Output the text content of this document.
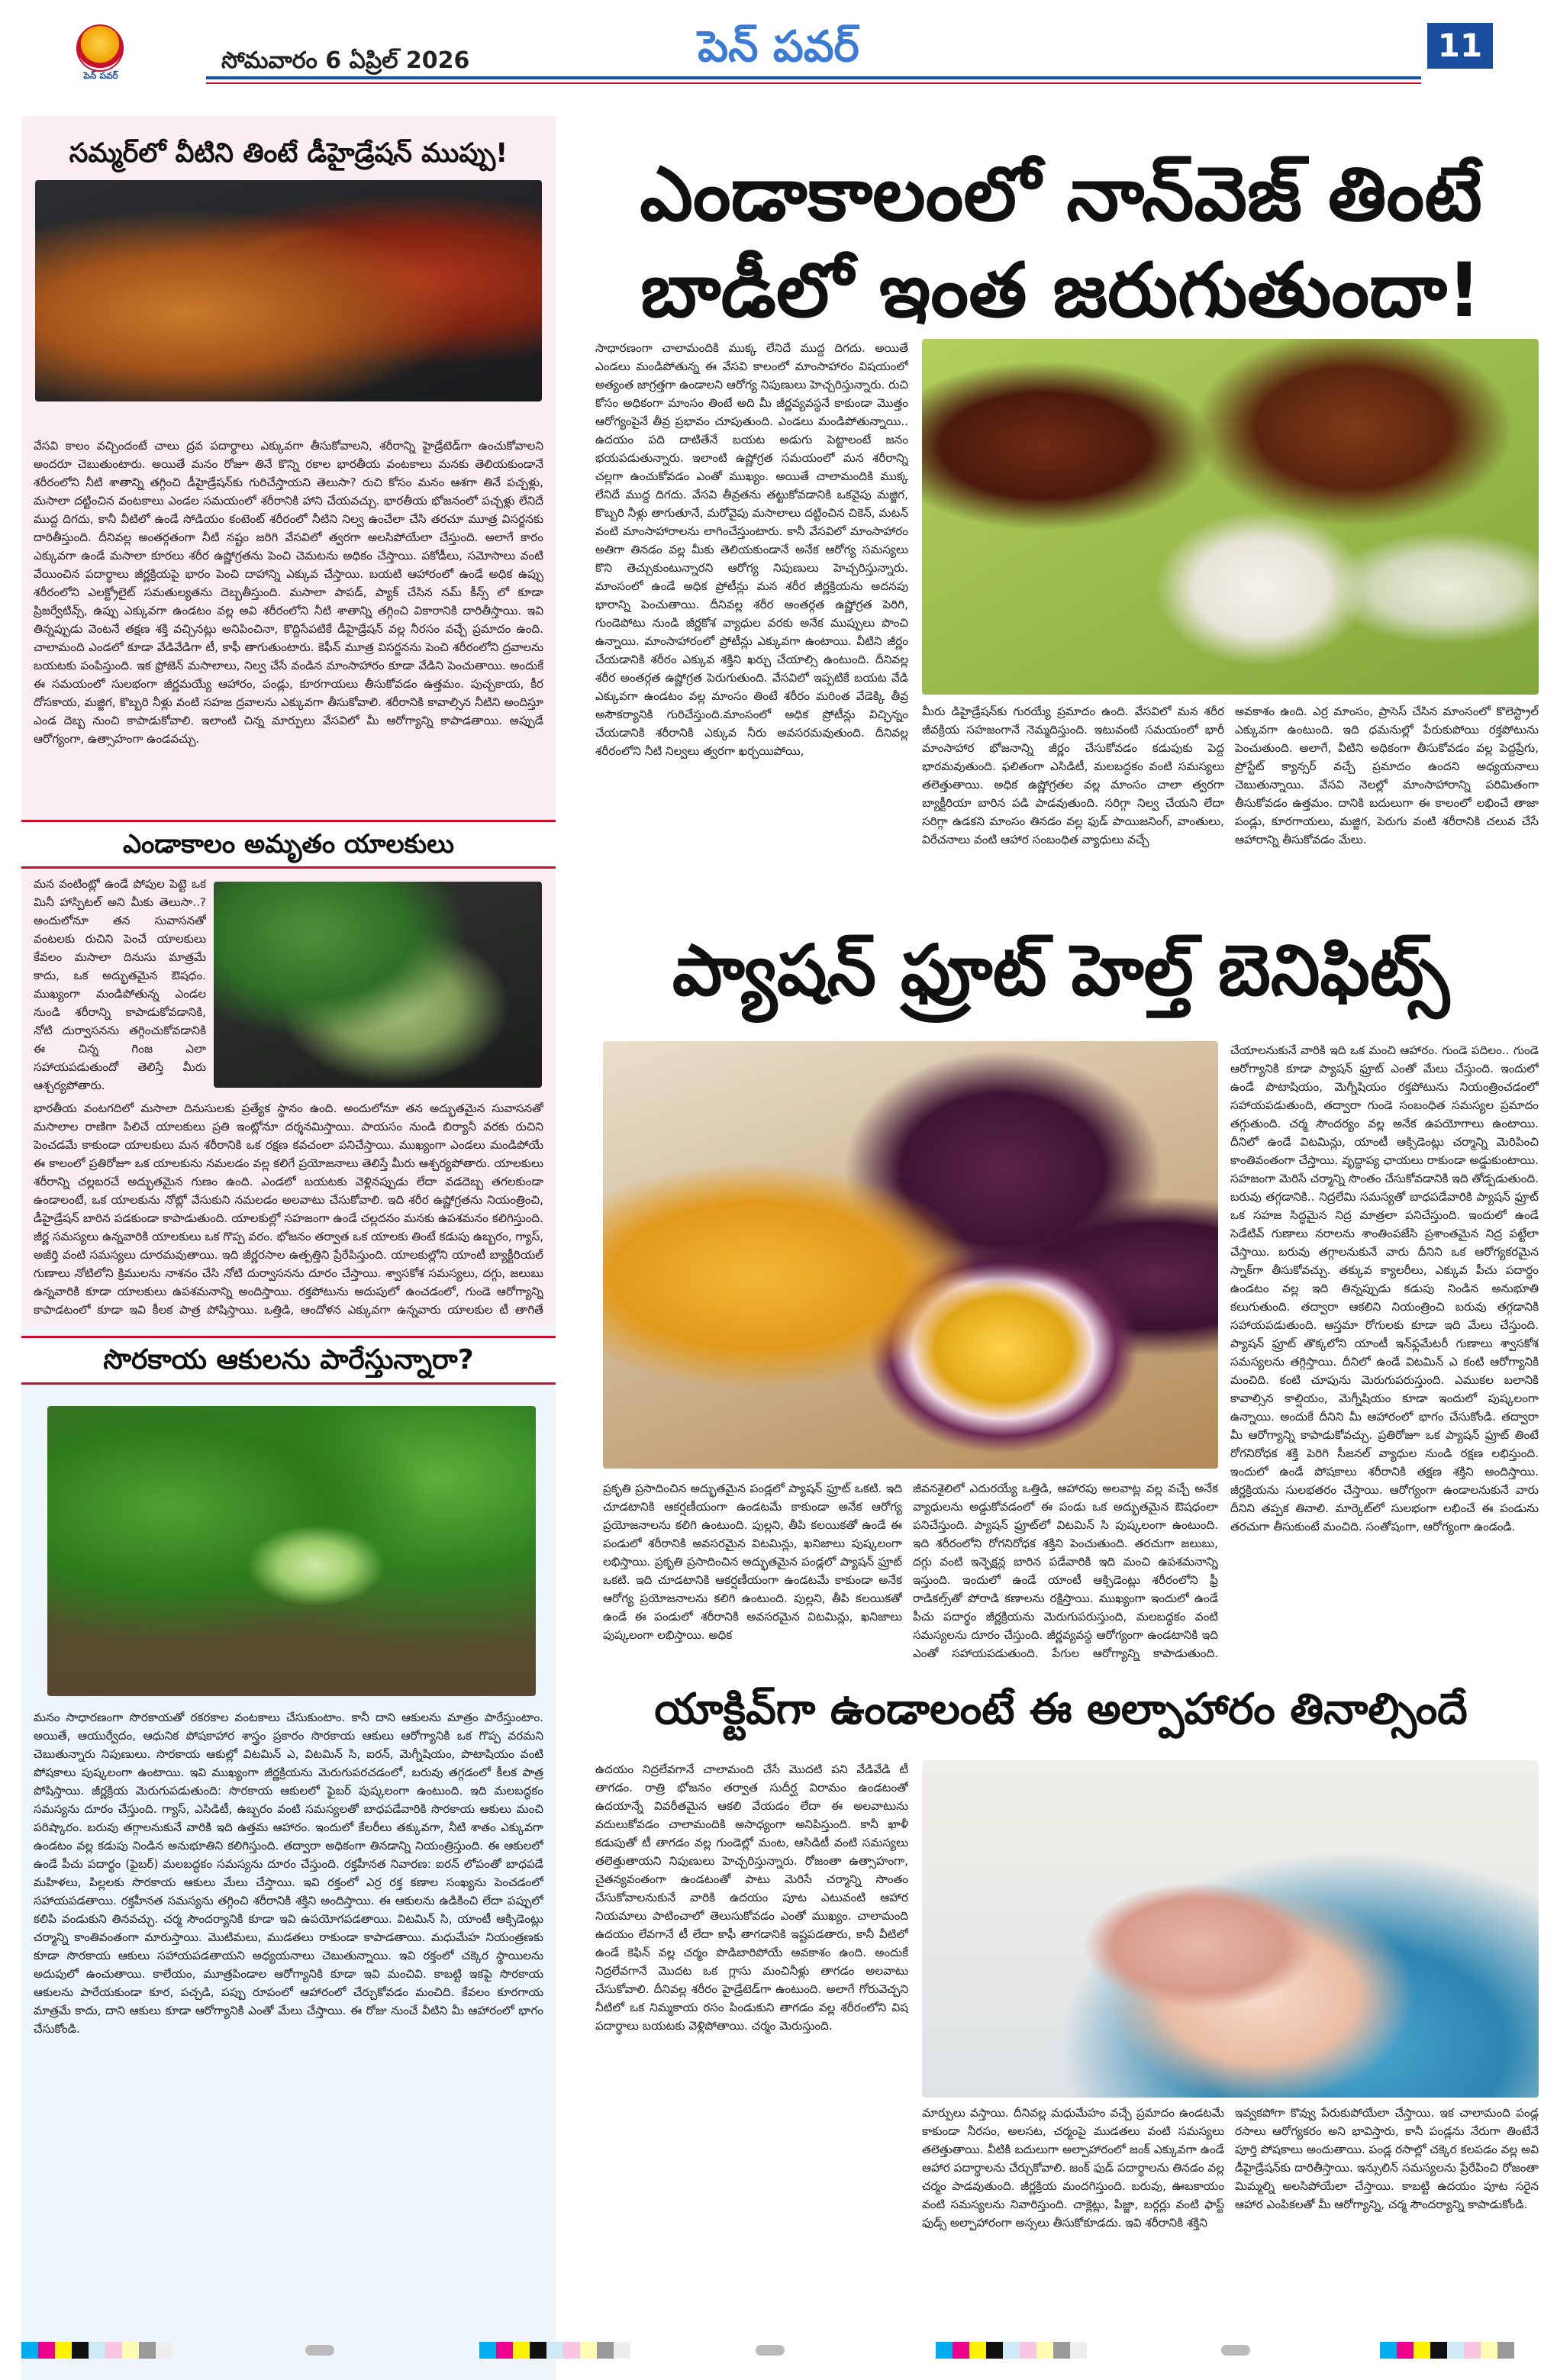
పెన్ పవర్
సోమవారం 6 ఏప్రిల్ 2026	పెన్ పవర్	11
సమ్మర్‌లో వీటిని తింటే డీహైడ్రేషన్ ముప్పు!
వేసవి కాలం వచ్చిందంటే చాలు ద్రవ పదార్థాలు ఎక్కువగా తీసుకోవాలని, శరీరాన్ని హైడ్రేటెడ్‌గా ఉంచుకోవాలని అందరూ చెబుతుంటారు. అయితే మనం రోజూ తినే కొన్ని రకాల భారతీయ వంటకాలు మనకు తెలియకుండానే శరీరంలోని నీటి శాతాన్ని తగ్గించి డీహైడ్రేషన్‌కు గురిచేస్తాయని తెలుసా? రుచి కోసం మనం ఆశగా తినే పచ్చళ్లు, మసాలా దట్టించిన వంటకాలు ఎండల సమయంలో శరీరానికి హాని చేయవచ్చు. భారతీయ భోజనంలో పచ్చళ్లు లేనిదే ముద్ద దిగదు, కానీ వీటిలో ఉండే సోడియం కంటెంట్ శరీరంలో నీటిని నిల్వ ఉంచేలా చేసి తరచూ మూత్ర విసర్జనకు దారితీస్తుంది. దీనివల్ల అంతర్గతంగా నీటి నష్టం జరిగి వేసవిలో త్వరగా అలసిపోయేలా చేస్తుంది. అలాగే కారం ఎక్కువగా ఉండే మసాలా కూరలు శరీర ఉష్ణోగ్రతను పెంచి చెమటను అధికం చేస్తాయి. పకోడీలు, సమోసాలు వంటి వేయించిన పదార్థాలు జీర్ణక్రియపై భారం పెంచి దాహాన్ని ఎక్కువ చేస్తాయి. బయటి ఆహారంలో ఉండే అధిక ఉప్పు శరీరంలోని ఎలక్ట్రోలైట్ సమతుల్యతను దెబ్బతీస్తుంది. మసాలా పాపడ్, ప్యాక్ చేసిన నమ్ కీన్స్ లో కూడా ప్రిజర్వేటివ్స్, ఉప్పు ఎక్కువగా ఉండటం వల్ల అవి శరీరంలోని నీటి శాతాన్ని తగ్గించి వికారానికి దారితీస్తాయి. ఇవి తిన్నప్పుడు వెంటనే తక్షణ శక్తి వచ్చినట్లు అనిపించినా, కొద్దిసేపటికే డీహైడ్రేషన్ వల్ల నీరసం వచ్చే ప్రమాదం ఉంది. చాలామంది ఎండలో కూడా వేడివేడిగా టీ, కాఫీ తాగుతుంటారు. కెఫీన్ మూత్ర విసర్జనను పెంచి శరీరంలోని ద్రవాలను బయటకు పంపిస్తుంది. ఇక ఫ్రోజెన్ మసాలాలు, నిల్వ చేసే వండిన మాంసాహారం కూడా వేడిని పెంచుతాయి. అందుకే ఈ సమయంలో సులభంగా జీర్ణమయ్యే ఆహారం, పండ్లు, కూరగాయలు తీసుకోవడం ఉత్తమం. పుచ్చకాయ, కీర దోసకాయ, మజ్జిగ, కొబ్బరి నీళ్లు వంటి సహజ ద్రవాలను ఎక్కువగా తీసుకోవాలి. శరీరానికి కావాల్సిన నీటిని అందిస్తూ ఎండ దెబ్బ నుంచి కాపాడుకోవాలి. ఇలాంటి చిన్న మార్పులు వేసవిలో మీ ఆరోగ్యాన్ని కాపాడతాయి. అప్పుడే ఆరోగ్యంగా, ఉత్సాహంగా ఉండవచ్చు.
ఎండాకాలం అమృతం యాలకులు
మన వంటింట్లో ఉండే పోపుల పెట్టె ఒక మినీ హాస్పిటల్ అని మీకు తెలుసా..? అందులోనూ తన సువాసనతో వంటలకు రుచిని పెంచే యాలకులు కేవలం మసాలా దినుసు మాత్రమే కాదు, ఒక అద్భుతమైన ఔషధం. ముఖ్యంగా మండిపోతున్న ఎండల నుండి శరీరాన్ని కాపాడుకోవడానికి, నోటి దుర్వాసనను తగ్గించుకోవడానికి ఈ చిన్న గింజ ఎలా సహాయపడుతుందో తెలిస్తే మీరు ఆశ్చర్యపోతారు.
భారతీయ వంటగదిలో మసాలా దినుసులకు ప్రత్యేక స్థానం ఉంది. అందులోనూ తన అద్భుతమైన సువాసనతో మసాలాల రాణిగా పిలిచే యాలకులు ప్రతి ఇంట్లోనూ దర్శనమిస్తాయి. పాయసం నుండి బిర్యానీ వరకు రుచిని పెంచడమే కాకుండా యాలకులు మన శరీరానికి ఒక రక్షణ కవచంలా పనిచేస్తాయి. ముఖ్యంగా ఎండలు మండిపోయే ఈ కాలంలో ప్రతిరోజూ ఒక యాలకును నమలడం వల్ల కలిగే ప్రయోజనాలు తెలిస్తే మీరు ఆశ్చర్యపోతారు. యాలకులు శరీరాన్ని చల్లబరచే అద్భుతమైన గుణం ఉంది. ఎండలో బయటకు వెళ్లినప్పుడు లేదా వడదెబ్బ తగలకుండా ఉండాలంటే, ఒక యాలకును నోట్లో వేసుకుని నమలడం అలవాటు చేసుకోవాలి. ఇది శరీర ఉష్ణోగ్రతను నియంత్రించి, డీహైడ్రేషన్ బారిన పడకుండా కాపాడుతుంది. యాలకుల్లో సహజంగా ఉండే చల్లదనం మనకు ఉపశమనం కలిగిస్తుంది. జీర్ణ సమస్యలు ఉన్నవారికి యాలకులు ఒక గొప్ప వరం. భోజనం తర్వాత ఒక యాలకు తింటే కడుపు ఉబ్బరం, గ్యాస్, అజీర్తి వంటి సమస్యలు దూరమవుతాయి. ఇది జీర్ణరసాల ఉత్పత్తిని ప్రేరేపిస్తుంది. యాలకుల్లోని యాంటీ బ్యాక్టీరియల్ గుణాలు నోటిలోని క్రిములను నాశనం చేసి నోటి దుర్వాసనను దూరం చేస్తాయి. శ్వాసకోశ సమస్యలు, దగ్గు, జలుబు ఉన్నవారికి కూడా యాలకులు ఉపశమనాన్ని అందిస్తాయి. రక్తపోటును అదుపులో ఉంచడంలో, గుండె ఆరోగ్యాన్ని కాపాడటంలో కూడా ఇవి కీలక పాత్ర పోషిస్తాయి. ఒత్తిడి, ఆందోళన ఎక్కువగా ఉన్నవారు యాలకుల టీ తాగితే
సొరకాయ ఆకులను పారేస్తున్నారా?
మనం సాధారణంగా సొరకాయతో రకరకాల వంటకాలు చేసుకుంటాం. కానీ దాని ఆకులను మాత్రం పారేస్తుంటాం. అయితే, ఆయుర్వేదం, ఆధునిక పోషకాహార శాస్త్రం ప్రకారం సొరకాయ ఆకులు ఆరోగ్యానికి ఒక గొప్ప వరమని చెబుతున్నారు నిపుణులు. సొరకాయ ఆకుల్లో విటమిన్ ఎ, విటమిన్ సి, ఐరన్, మెగ్నీషియం, పొటాషియం వంటి పోషకాలు పుష్కలంగా ఉంటాయి. ఇవి ముఖ్యంగా జీర్ణక్రియను మెరుగుపరచడంలో, బరువు తగ్గడంలో కీలక పాత్ర పోషిస్తాయి. జీర్ణక్రియ మెరుగుపడుతుంది: సొరకాయ ఆకులలో ఫైబర్ పుష్కలంగా ఉంటుంది. ఇది మలబద్ధకం సమస్యను దూరం చేస్తుంది. గ్యాస్, ఎసిడిటీ, ఉబ్బరం వంటి సమస్యలతో బాధపడేవారికి సొరకాయ ఆకులు మంచి పరిష్కారం. బరువు తగ్గాలనుకునే వారికి ఇది ఉత్తమ ఆహారం. ఇందులో కేలరీలు తక్కువగా, నీటి శాతం ఎక్కువగా ఉండటం వల్ల కడుపు నిండిన అనుభూతిని కలిగిస్తుంది. తద్వారా అధికంగా తినడాన్ని నియంత్రిస్తుంది. ఈ ఆకులలో ఉండే పీచు పదార్థం (ఫైబర్) మలబద్ధకం సమస్యను దూరం చేస్తుంది. రక్తహీనత నివారణ: ఐరన్ లోపంతో బాధపడే మహిళలు, పిల్లలకు సొరకాయ ఆకులు మేలు చేస్తాయి. ఇవి రక్తంలో ఎర్ర రక్త కణాల సంఖ్యను పెంచడంలో సహాయపడతాయి. రక్తహీనత సమస్యను తగ్గించి శరీరానికి శక్తిని అందిస్తాయి. ఈ ఆకులను ఉడికించి లేదా పప్పులో కలిపి వండుకుని తినవచ్చు. చర్మ సౌందర్యానికి కూడా ఇవి ఉపయోగపడతాయి. విటమిన్ సి, యాంటీ ఆక్సిడెంట్లు చర్మాన్ని కాంతివంతంగా మారుస్తాయి. మొటిమలు, ముడతలు రాకుండా కాపాడతాయి. మధుమేహ నియంత్రణకు కూడా సొరకాయ ఆకులు సహాయపడతాయని అధ్యయనాలు చెబుతున్నాయి. ఇవి రక్తంలో చక్కెర స్థాయిలను అదుపులో ఉంచుతాయి. కాలేయం, మూత్రపిండాల ఆరోగ్యానికి కూడా ఇవి మంచివి. కాబట్టి ఇకపై సొరకాయ ఆకులను పారేయకుండా కూర, పచ్చడి, పప్పు రూపంలో ఆహారంలో చేర్చుకోవడం మంచిది. కేవలం కూరగాయ మాత్రమే కాదు, దాని ఆకులు కూడా ఆరోగ్యానికి ఎంతో మేలు చేస్తాయి. ఈ రోజు నుంచే వీటిని మీ ఆహారంలో భాగం చేసుకోండి.
ఎండాకాలంలో నాన్‌వెజ్ తింటే బాడీలో ఇంత జరుగుతుందా!
సాధారణంగా చాలామందికి ముక్క లేనిదే ముద్ద దిగదు. అయితే ఎండలు మండిపోతున్న ఈ వేసవి కాలంలో మాంసాహారం విషయంలో అత్యంత జాగ్రత్తగా ఉండాలని ఆరోగ్య నిపుణులు హెచ్చరిస్తున్నారు. రుచి కోసం అధికంగా మాంసం తింటే అది మీ జీర్ణవ్యవస్థనే కాకుండా మొత్తం ఆరోగ్యంపైనే తీవ్ర ప్రభావం చూపుతుంది. ఎండలు మండిపోతున్నాయి.. ఉదయం పది దాటితేనే బయట అడుగు పెట్టాలంటే జనం భయపడుతున్నారు. ఇలాంటి ఉష్ణోగ్రత సమయంలో మన శరీరాన్ని చల్లగా ఉంచుకోవడం ఎంతో ముఖ్యం. అయితే చాలామందికి ముక్క లేనిదే ముద్ద దిగదు. వేసవి తీవ్రతను తట్టుకోవడానికి ఒకవైపు మజ్జిగ, కొబ్బరి నీళ్లు తాగుతూనే, మరోవైపు మసాలాలు దట్టించిన చికెన్, మటన్ వంటి మాంసాహారాలను లాగించేస్తుంటారు. కానీ వేసవిలో మాంసాహారం అతిగా తినడం వల్ల మీకు తెలియకుండానే అనేక ఆరోగ్య సమస్యలు కొని తెచ్చుకుంటున్నారని ఆరోగ్య నిపుణులు హెచ్చరిస్తున్నారు. మాంసంలో ఉండే అధిక ప్రోటీన్లు మన శరీర జీర్ణక్రియను అదనపు భారాన్ని పెంచుతాయి. దీనివల్ల శరీర అంతర్గత ఉష్ణోగ్రత పెరిగి, గుండెపోటు నుండి జీర్ణకోశ వ్యాధుల వరకు అనేక ముప్పులు పొంచి ఉన్నాయి. మాంసాహారంలో ప్రోటీన్లు ఎక్కువగా ఉంటాయి. వీటిని జీర్ణం చేయడానికి శరీరం ఎక్కువ శక్తిని ఖర్చు చేయాల్సి ఉంటుంది. దీనివల్ల శరీర అంతర్గత ఉష్ణోగ్రత పెరుగుతుంది. వేసవిలో ఇప్పటికే బయట వేడి ఎక్కువగా ఉండటం వల్ల మాంసం తింటే శరీరం మరింత వేడెక్కి తీవ్ర అసౌకర్యానికి గురిచేస్తుంది.మాంసంలో అధిక ప్రోటీన్లు విచ్ఛిన్నం చేయడానికి శరీరానికి ఎక్కువ నీరు అవసరమవుతుంది. దీనివల్ల శరీరంలోని నీటి నిల్వలు త్వరగా ఖర్చయిపోయి,
మీరు డిహైడ్రేషన్‌కు గురయ్యే ప్రమాదం ఉంది. వేసవిలో మన శరీర జీవక్రియ సహజంగానే నెమ్మదిస్తుంది. ఇటువంటి సమయంలో భారీ మాంసాహార భోజనాన్ని జీర్ణం చేసుకోవడం కడుపుకు పెద్ద భారమవుతుంది. ఫలితంగా ఎసిడిటీ, మలబద్ధకం వంటి సమస్యలు తలెత్తుతాయి. అధిక ఉష్ణోగ్రతల వల్ల మాంసం చాలా త్వరగా బ్యాక్టీరియా బారిన పడి పాడవుతుంది. సరిగ్గా నిల్వ చేయని లేదా సరిగ్గా ఉడకని మాంసం తినడం వల్ల ఫుడ్ పాయిజనింగ్, వాంతులు, విరేచనాలు వంటి ఆహార సంబంధిత వ్యాధులు వచ్చే
అవకాశం ఉంది. ఎర్ర మాంసం, ప్రాసెస్ చేసిన మాంసంలో కొలెస్ట్రాల్ ఎక్కువగా ఉంటుంది. ఇది ధమనుల్లో పేరుకుపోయి రక్తపోటును పెంచుతుంది. అలాగే, వీటిని అధికంగా తీసుకోవడం వల్ల పెద్దప్రేగు, ప్రోస్టేట్ క్యాన్సర్ వచ్చే ప్రమాదం ఉందని అధ్యయనాలు చెబుతున్నాయి. వేసవి నెలల్లో మాంసాహారాన్ని పరిమితంగా తీసుకోవడం ఉత్తమం. దానికి బదులుగా ఈ కాలంలో లభించే తాజా పండ్లు, కూరగాయలు, మజ్జిగ, పెరుగు వంటి శరీరానికి చలువ చేసే ఆహారాన్ని తీసుకోవడం మేలు.
ప్యాషన్ ఫ్రూట్ హెల్త్ బెనిఫిట్స్
చేయాలనుకునే వారికి ఇది ఒక మంచి ఆహారం. గుండె పదిలం.. గుండె ఆరోగ్యానికి కూడా ప్యాషన్ ఫ్రూట్ ఎంతో మేలు చేస్తుంది. ఇందులో ఉండే పొటాషియం, మెగ్నీషియం రక్తపోటును నియంత్రించడంలో సహాయపడుతుంది, తద్వారా గుండె సంబంధిత సమస్యల ప్రమాదం తగ్గుతుంది. చర్మ సౌందర్యం వల్ల అనేక ఉపయోగాలు ఉంటాయి. దీనిలో ఉండే విటమిన్లు, యాంటీ ఆక్సిడెంట్లు చర్మాన్ని మెరిపించి కాంతివంతంగా చేస్తాయి. వృద్ధాప్య ఛాయలు రాకుండా అడ్డుకుంటాయి. సహజంగా మెరిసే చర్మాన్ని సొంతం చేసుకోవడానికి ఇది తోడ్పడుతుంది. బరువు తగ్గడానికి.. నిద్రలేమి సమస్యతో బాధపడేవారికి ప్యాషన్ ఫ్రూట్ ఒక సహజ సిద్ధమైన నిద్ర మాత్రలా పనిచేస్తుంది. ఇందులో ఉండే సెడేటివ్ గుణాలు నరాలను శాంతింపజేసి ప్రశాంతమైన నిద్ర పట్టేలా చేస్తాయి. బరువు తగ్గాలనుకునే వారు దీనిని ఒక ఆరోగ్యకరమైన స్నాక్‌గా తీసుకోవచ్చు. తక్కువ క్యాలరీలు, ఎక్కువ పీచు పదార్థం ఉండటం వల్ల ఇది తిన్నప్పుడు కడుపు నిండిన అనుభూతి కలుగుతుంది. తద్వారా ఆకలిని నియంత్రించి బరువు తగ్గడానికి సహాయపడుతుంది. ఆస్తమా రోగులకు కూడా ఇది మేలు చేస్తుంది. ప్యాషన్ ఫ్రూట్ తొక్కలోని యాంటీ ఇన్‌ఫ్లమేటరీ గుణాలు శ్వాసకోశ సమస్యలను తగ్గిస్తాయి. దీనిలో ఉండే విటమిన్ ఎ కంటి ఆరోగ్యానికి మంచిది. కంటి చూపును మెరుగుపరుస్తుంది. ఎముకల బలానికి కావాల్సిన కాల్షియం, మెగ్నీషియం కూడా ఇందులో పుష్కలంగా ఉన్నాయి. అందుకే దీనిని మీ ఆహారంలో భాగం చేసుకోండి. తద్వారా మీ ఆరోగ్యాన్ని కాపాడుకోవచ్చు. ప్రతిరోజూ ఒక ప్యాషన్ ఫ్రూట్ తింటే రోగనిరోధక శక్తి పెరిగి సీజనల్ వ్యాధుల నుండి రక్షణ లభిస్తుంది. ఇందులో ఉండే పోషకాలు శరీరానికి తక్షణ శక్తిని అందిస్తాయి. జీర్ణక్రియను సులభతరం చేస్తాయి. ఆరోగ్యంగా ఉండాలనుకునే వారు దీనిని తప్పక తినాలి. మార్కెట్‌లో సులభంగా లభించే ఈ పండును తరచుగా తీసుకుంటే మంచిది. సంతోషంగా, ఆరోగ్యంగా ఉండండి.
ప్రకృతి ప్రసాదించిన అద్భుతమైన పండ్లలో ప్యాషన్ ఫ్రూట్ ఒకటి. ఇది చూడటానికి ఆకర్షణీయంగా ఉండటమే కాకుండా అనేక ఆరోగ్య ప్రయోజనాలను కలిగి ఉంటుంది. పుల్లని, తీపి కలయికతో ఉండే ఈ పండులో శరీరానికి అవసరమైన విటమిన్లు, ఖనిజాలు పుష్కలంగా లభిస్తాయి. ప్రకృతి ప్రసాదించిన అద్భుతమైన పండ్లలో ప్యాషన్ ఫ్రూట్ ఒకటి. ఇది చూడటానికి ఆకర్షణీయంగా ఉండటమే కాకుండా అనేక ఆరోగ్య ప్రయోజనాలను కలిగి ఉంటుంది. పుల్లని, తీపి కలయికతో ఉండే ఈ పండులో శరీరానికి అవసరమైన విటమిన్లు, ఖనిజాలు పుష్కలంగా లభిస్తాయి. అధిక
జీవనశైలిలో ఎదురయ్యే ఒత్తిడి, ఆహారపు అలవాట్ల వల్ల వచ్చే అనేక వ్యాధులను అడ్డుకోవడంలో ఈ పండు ఒక అద్భుతమైన ఔషధంలా పనిచేస్తుంది. ప్యాషన్ ఫ్రూట్‌లో విటమిన్ సి పుష్కలంగా ఉంటుంది. ఇది శరీరంలోని రోగనిరోధక శక్తిని పెంచుతుంది. తరచుగా జలుబు, దగ్గు వంటి ఇన్ఫెక్షన్ల బారిన పడేవారికి ఇది మంచి ఉపశమనాన్ని ఇస్తుంది. ఇందులో ఉండే యాంటీ ఆక్సిడెంట్లు శరీరంలోని ఫ్రీ రాడికల్స్‌తో పోరాడి కణాలను రక్షిస్తాయి. ముఖ్యంగా ఇందులో ఉండే పీచు పదార్థం జీర్ణక్రియను మెరుగుపరుస్తుంది, మలబద్ధకం వంటి సమస్యలను దూరం చేస్తుంది. జీర్ణవ్యవస్థ ఆరోగ్యంగా ఉండటానికి ఇది ఎంతో సహాయపడుతుంది. పేగుల ఆరోగ్యాన్ని కాపాడుతుంది.
యాక్టివ్‌గా ఉండాలంటే ఈ అల్పాహారం తినాల్సిందే
ఉదయం నిద్రలేవగానే చాలామంది చేసే మొదటి పని వేడివేడి టీ తాగడం. రాత్రి భోజనం తర్వాత సుదీర్ఘ విరామం ఉండటంతో ఉదయాన్నే వివరీతమైన ఆకలి వేయడం లేదా ఈ అలవాటును వదులుకోవడం చాలామందికి అసాధ్యంగా అనిపిస్తుంది. కానీ ఖాళీ కడుపుతో టీ తాగడం వల్ల గుండెల్లో మంట, ఆసిడిటీ వంటి సమస్యలు తలెత్తుతాయని నిపుణులు హెచ్చరిస్తున్నారు. రోజంతా ఉత్సాహంగా, చైతన్యవంతంగా ఉండటంతో పాటు మెరిసే చర్మాన్ని సొంతం చేసుకోవాలనుకునే వారికి ఉదయం పూట ఎటువంటి ఆహార నియమాలు పాటించాలో తెలుసుకోవడం ఎంతో ముఖ్యం. చాలామంది ఉదయం లేవగానే టీ లేదా కాఫీ తాగడానికి ఇష్టపడతారు, కానీ వీటిలో ఉండే కెఫిన్ వల్ల చర్మం పొడిబారిపోయే అవకాశం ఉంది. అందుకే నిద్రలేవగానే మొదట ఒక గ్లాసు మంచినీళ్లు తాగడం అలవాటు చేసుకోవాలి. దీనివల్ల శరీరం హైడ్రేటెడ్‌గా ఉంటుంది. అలాగే గోరువెచ్చని నీటిలో ఒక నిమ్మకాయ రసం పిండుకుని తాగడం వల్ల శరీరంలోని విష పదార్థాలు బయటకు వెళ్లిపోతాయి. చర్మం మెరుస్తుంది.
మార్పులు వస్తాయి. దీనివల్ల మధుమేహం వచ్చే ప్రమాదం ఉండటమే కాకుండా నీరసం, అలసట, చర్మంపై ముడతలు వంటి సమస్యలు తలెత్తుతాయి. వీటికి బదులుగా అల్పాహారంలో జంక్ ఎక్కువగా ఉండే ఆహార పదార్థాలను చేర్చుకోవాలి. జంక్ ఫుడ్ పదార్థాలను తినడం వల్ల చర్మం పాడవుతుంది. జీర్ణక్రియ మందగిస్తుంది. బరువు, ఊబకాయం వంటి సమస్యలను నివారిస్తుంది. చాక్లెట్లు, పిజ్జా, బర్గర్లు వంటి ఫాస్ట్ ఫుడ్స్ అల్పాహారంగా అస్సలు తీసుకోకూడదు. ఇవి శరీరానికి శక్తిని
ఇవ్వకపోగా కొవ్వు పేరుకుపోయేలా చేస్తాయి. ఇక చాలామంది పండ్ల రసాలు ఆరోగ్యకరం అని భావిస్తారు, కానీ పండ్లను నేరుగా తింటేనే పూర్తి పోషకాలు అందుతాయి. పండ్ల రసాల్లో చక్కెర కలపడం వల్ల అవి డీహైడ్రేషన్‌కు దారితీస్తాయి. ఇన్సులిన్ సమస్యలను ప్రేరేపించి రోజంతా మిమ్మల్ని అలసిపోయేలా చేస్తాయి. కాబట్టి ఉదయం పూట సరైన ఆహార ఎంపికలతో మీ ఆరోగ్యాన్ని, చర్మ సౌందర్యాన్ని కాపాడుకోండి.
